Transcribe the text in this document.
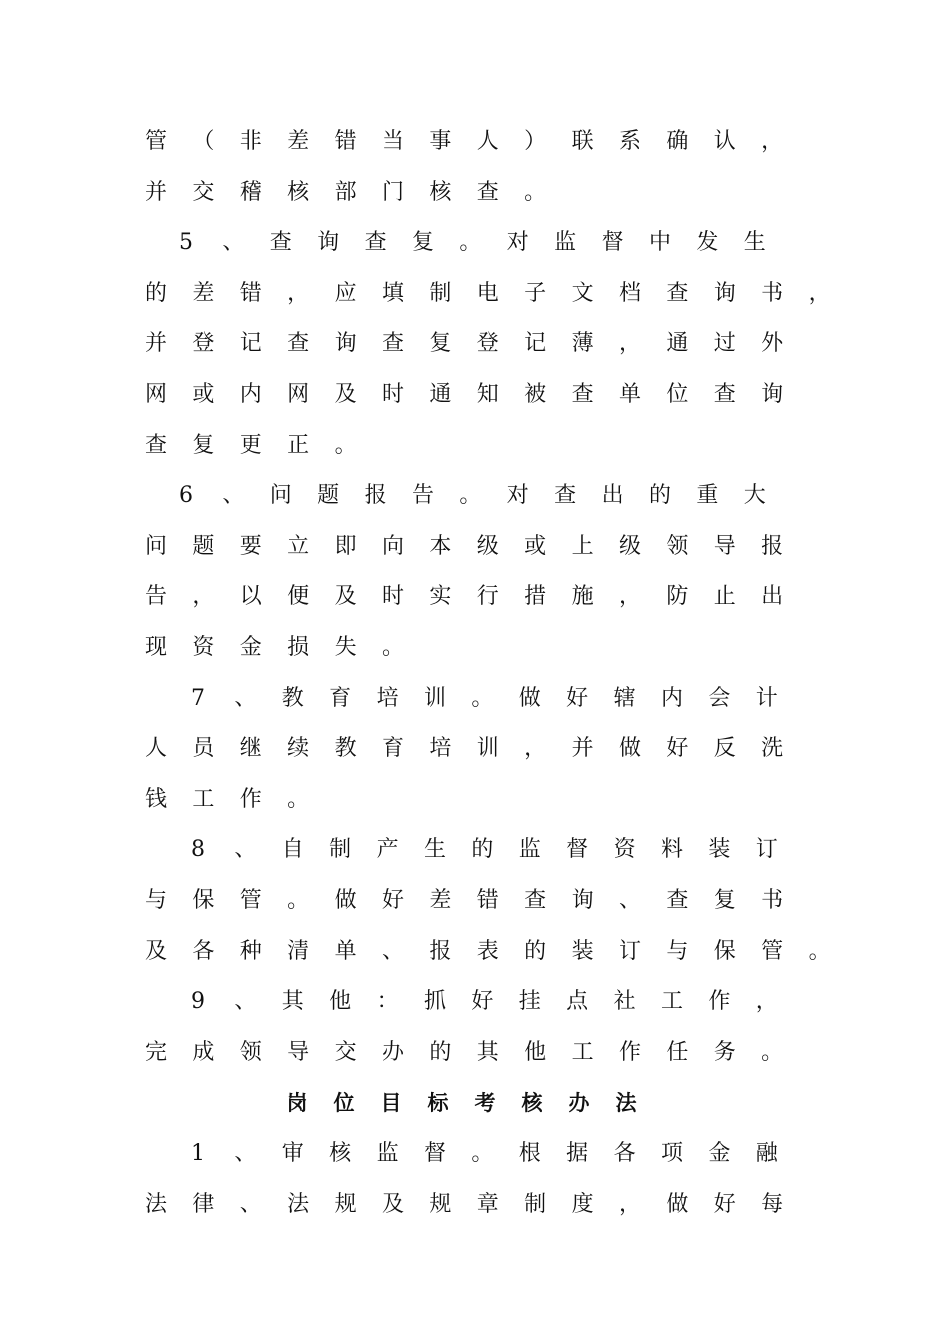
管	（	非	差	错	当	事	人	）	联	系	确	认	，
并	交	稽	核	部	门	核	查	。
5	、	查	询	查	复	。	对	监	督	中	发	生
的	差	错	，	应	填	制	电	子	文	档	查	询	书	，
并	登	记	查	询	查	复	登	记	薄	，	通	过	外
网	或	内	网	及	时	通	知	被	查	单	位	查	询
查	复	更	正	。
6	、	问	题	报	告	。	对	查	出	的	重	大
问	题	要	立	即	向	本	级	或	上	级	领	导	报
告	，	以	便	及	时	实	行	措	施	，	防	止	出
现	资	金	损	失	。
7	、	教	育	培	训	。	做	好	辖	内	会	计
人	员	继	续	教	育	培	训	，	并	做	好	反	洗
钱	工	作	。
8	、	自	制	产	生	的	监	督	资	料	装	订
与	保	管	。	做	好	差	错	查	询	、	查	复	书
及	各	种	清	单	、	报	表	的	装	订	与	保	管	。
9	、	其	他	：	抓	好	挂	点	社	工	作	，
完	成	领	导	交	办	的	其	他	工	作	任	务	。
岗	位	目	标	考	核	办	法
1	、	审	核	监	督	。	根	据	各	项	金	融
法	律	、	法	规	及	规	章	制	度	，	做	好	每
